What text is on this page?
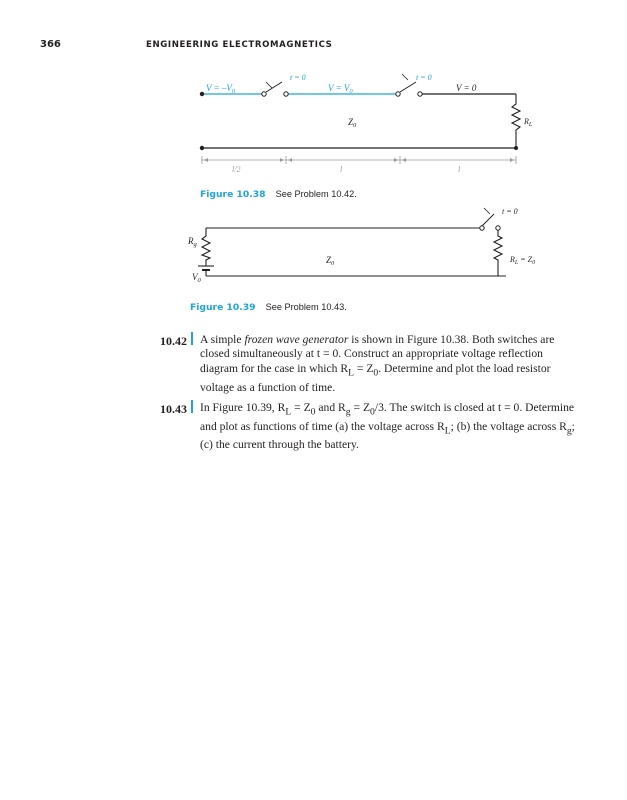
366	ENGINEERING ELECTROMAGNETICS
t = 0	t = 0
$V = -V_0$	$V = V_0$	V = 0
$Z_0$	$R_L$
l/2	l	l
Figure 10.38 See Problem 10.42.
t = 0
$R_g$
$V_0$
$Z_0$	$R_L = Z_0$
Figure 10.39 See Problem 10.43.
10.42 A simple frozen wave generator is shown in Figure 10.38. Both switches are closed simultaneously at t = 0. Construct an appropriate voltage reflection diagram for the case in which $R_L = Z_0$. Determine and plot the load resistor voltage as a function of time.
10.43 In Figure 10.39, $R_L = Z_0$ and $R_g = Z_0/3$. The switch is closed at t = 0. Determine and plot as functions of time (a) the voltage across $R_L$; (b) the voltage across $R_g$; (c) the current through the battery.
